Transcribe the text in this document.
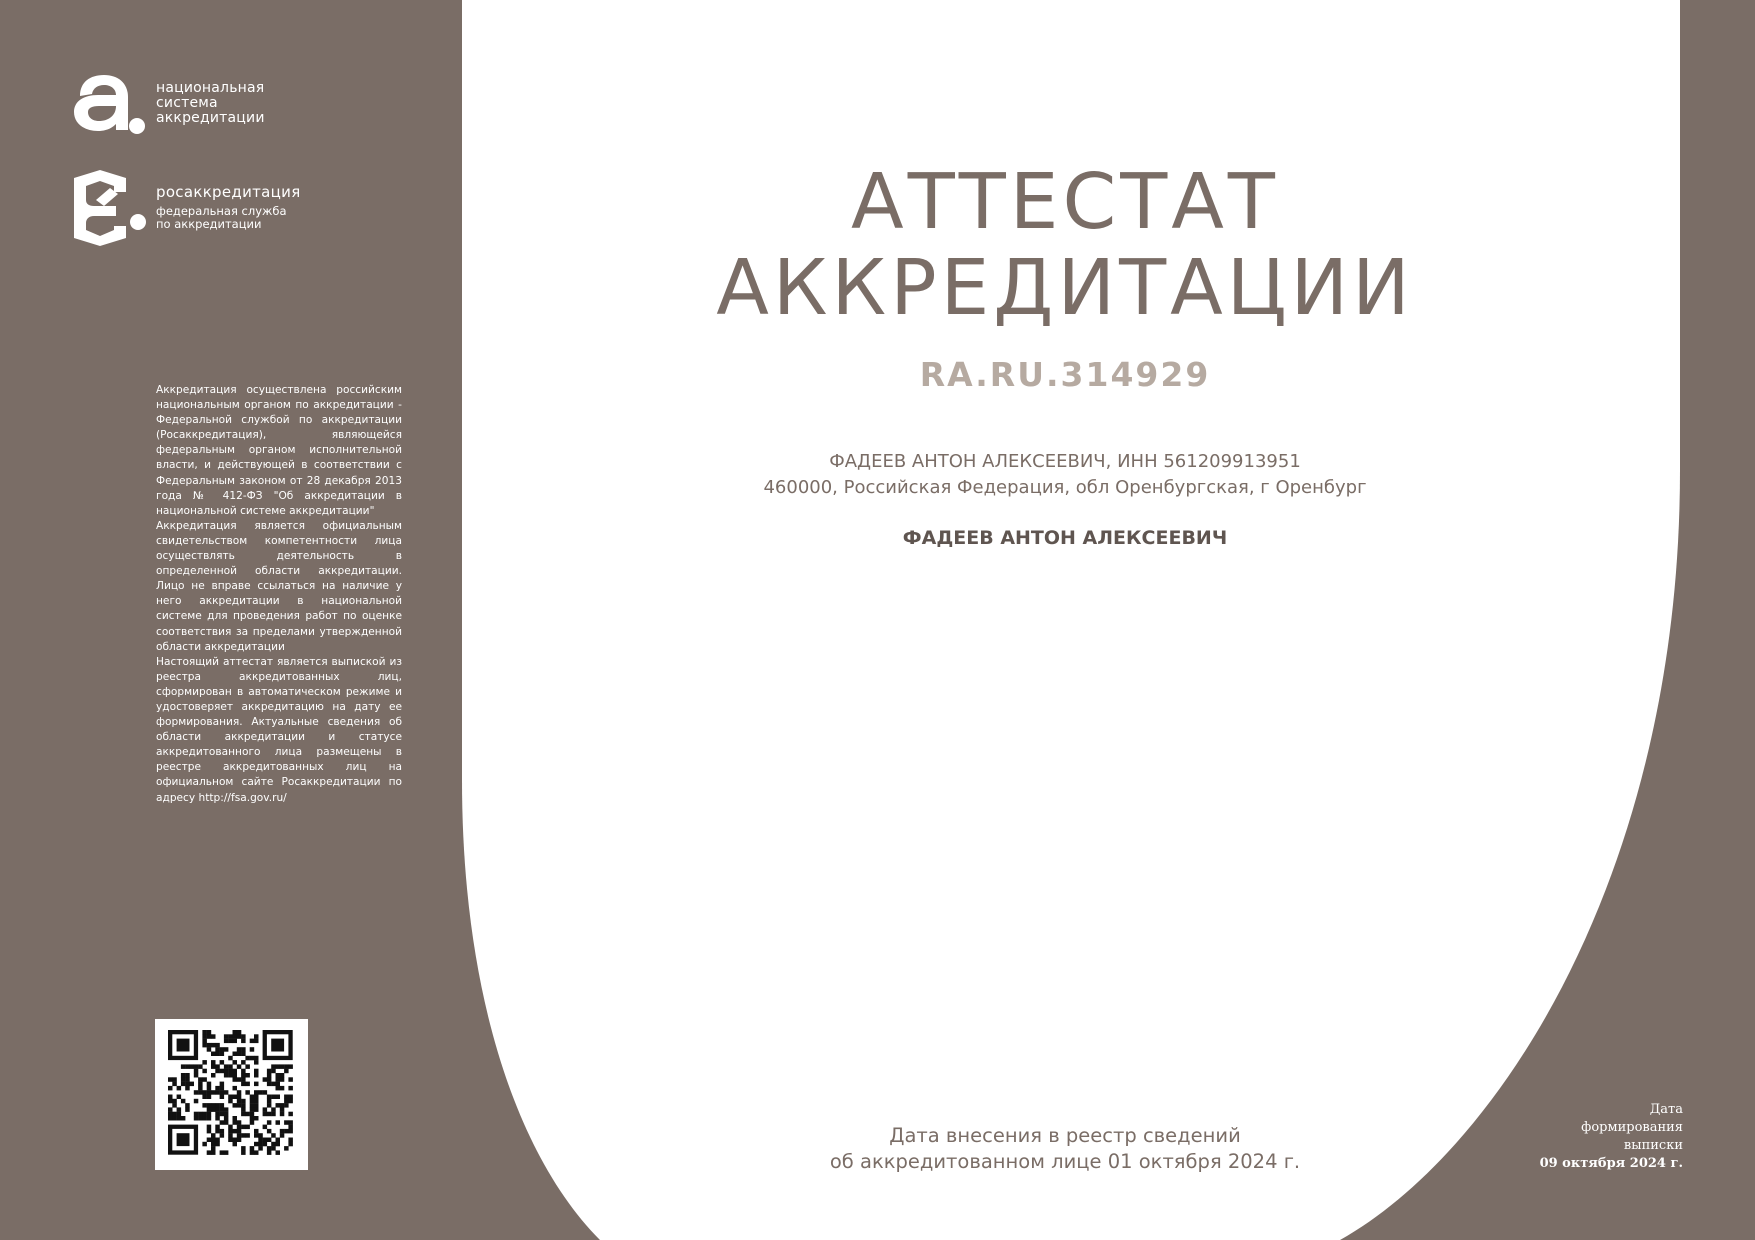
национальная
система
аккредитации
росаккредитация
федеральная служба
по аккредитации

Аккредитация осуществлена российским национальным органом по аккредитации - Федеральной службой по аккредитации (Росаккредитация), являющейся федеральным органом исполнительной власти, и действующей в соответствии с Федеральным законом от 28 декабря 2013 года № 412-ФЗ "Об аккредитации в национальной системе аккредитации"

Аккредитация является официальным свидетельством компетентности лица осуществлять деятельность в определенной области аккредитации. Лицо не вправе ссылаться на наличие у него аккредитации в национальной системе для проведения работ по оценке соответствия за пределами утвержденной области аккредитации

Настоящий аттестат является выпиской из реестра аккредитованных лиц, сформирован в автоматическом режиме и удостоверяет аккредитацию на дату ее формирования. Актуальные сведения об области аккредитации и статусе аккредитованного лица размещены в реестре аккредитованных лиц на официальном сайте Росаккредитации по адресу http://fsa.gov.ru/

АТТЕСТАТ
АККРЕДИТАЦИИ
RA.RU.314929
ФАДЕЕВ АНТОН АЛЕКСЕЕВИЧ, ИНН 561209913951
460000, Российская Федерация, обл Оренбургская, г Оренбург
ФАДЕЕВ АНТОН АЛЕКСЕЕВИЧ
Дата внесения в реестр сведений
об аккредитованном лице 01 октября 2024 г.
Дата
формирования
выписки
09 октября 2024 г.
